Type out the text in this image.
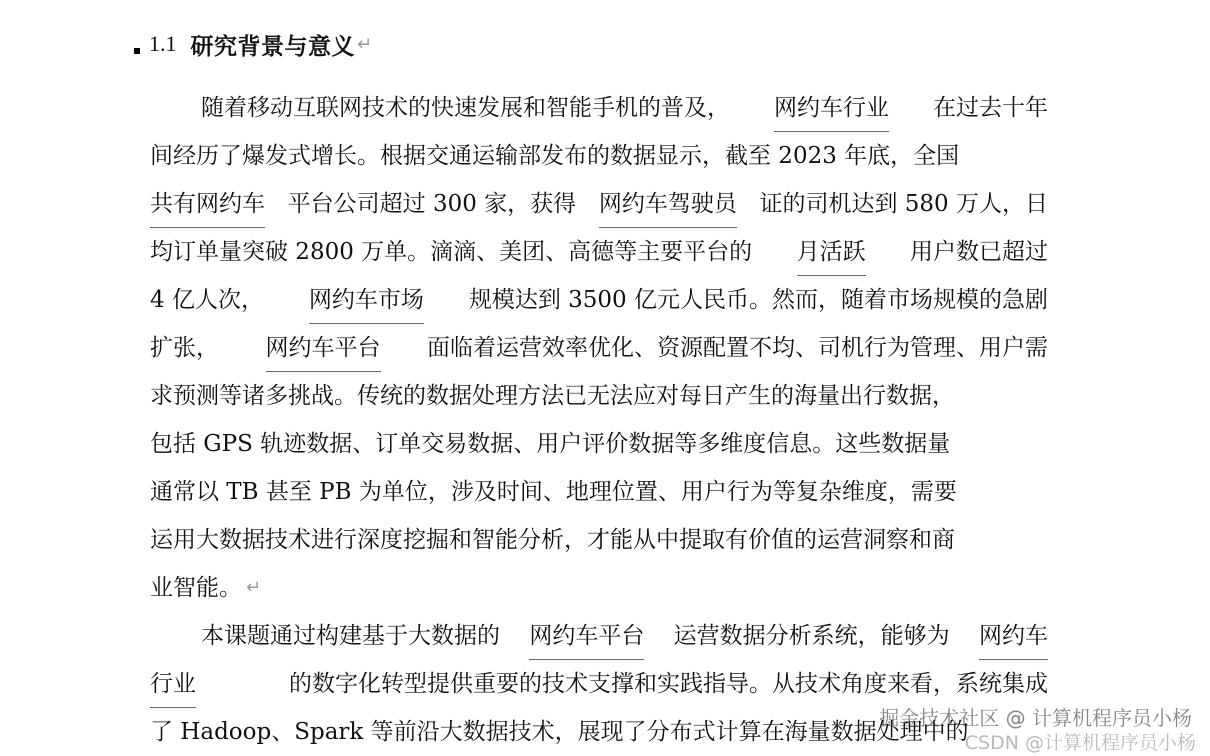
1.1 研究背景与意义 ↵
随着移动互联网技术的快速发展和智能手机的普及， 网约车行业 在过去十年
间经历了爆发式增长。根据交通运输部发布的数据显示，截至 2023 年底，全国
共有网约车 平台公司超过 300 家，获得 网约车驾驶员 证的司机达到 580 万人，日
均订单量突破 2800 万单。滴滴、美团、高德等主要平台的 月活跃 用户数已超过
4 亿人次， 网约车市场 规模达到 3500 亿元人民币。然而，随着市场规模的急剧
扩张， 网约车平台 面临着运营效率优化、资源配置不均、司机行为管理、用户需
求预测等诸多挑战。传统的数据处理方法已无法应对每日产生的海量出行数据，
包括 GPS 轨迹数据、订单交易数据、用户评价数据等多维度信息。这些数据量
通常以 TB 甚至 PB 为单位，涉及时间、地理位置、用户行为等复杂维度，需要
运用大数据技术进行深度挖掘和智能分析，才能从中提取有价值的运营洞察和商
业智能。 ↵
本课题通过构建基于大数据的 网约车平台 运营数据分析系统，能够为 网约车
行业	的数字化转型提供重要的技术支撑和实践指导。从技术角度来看，系统集成
了 Hadoop、Spark 等前沿大数据技术，展现了分布式计算在 海量数据处理中的
掘金技术社区 @ 计算机程序员小杨
CSDN @计算机程序员小杨
